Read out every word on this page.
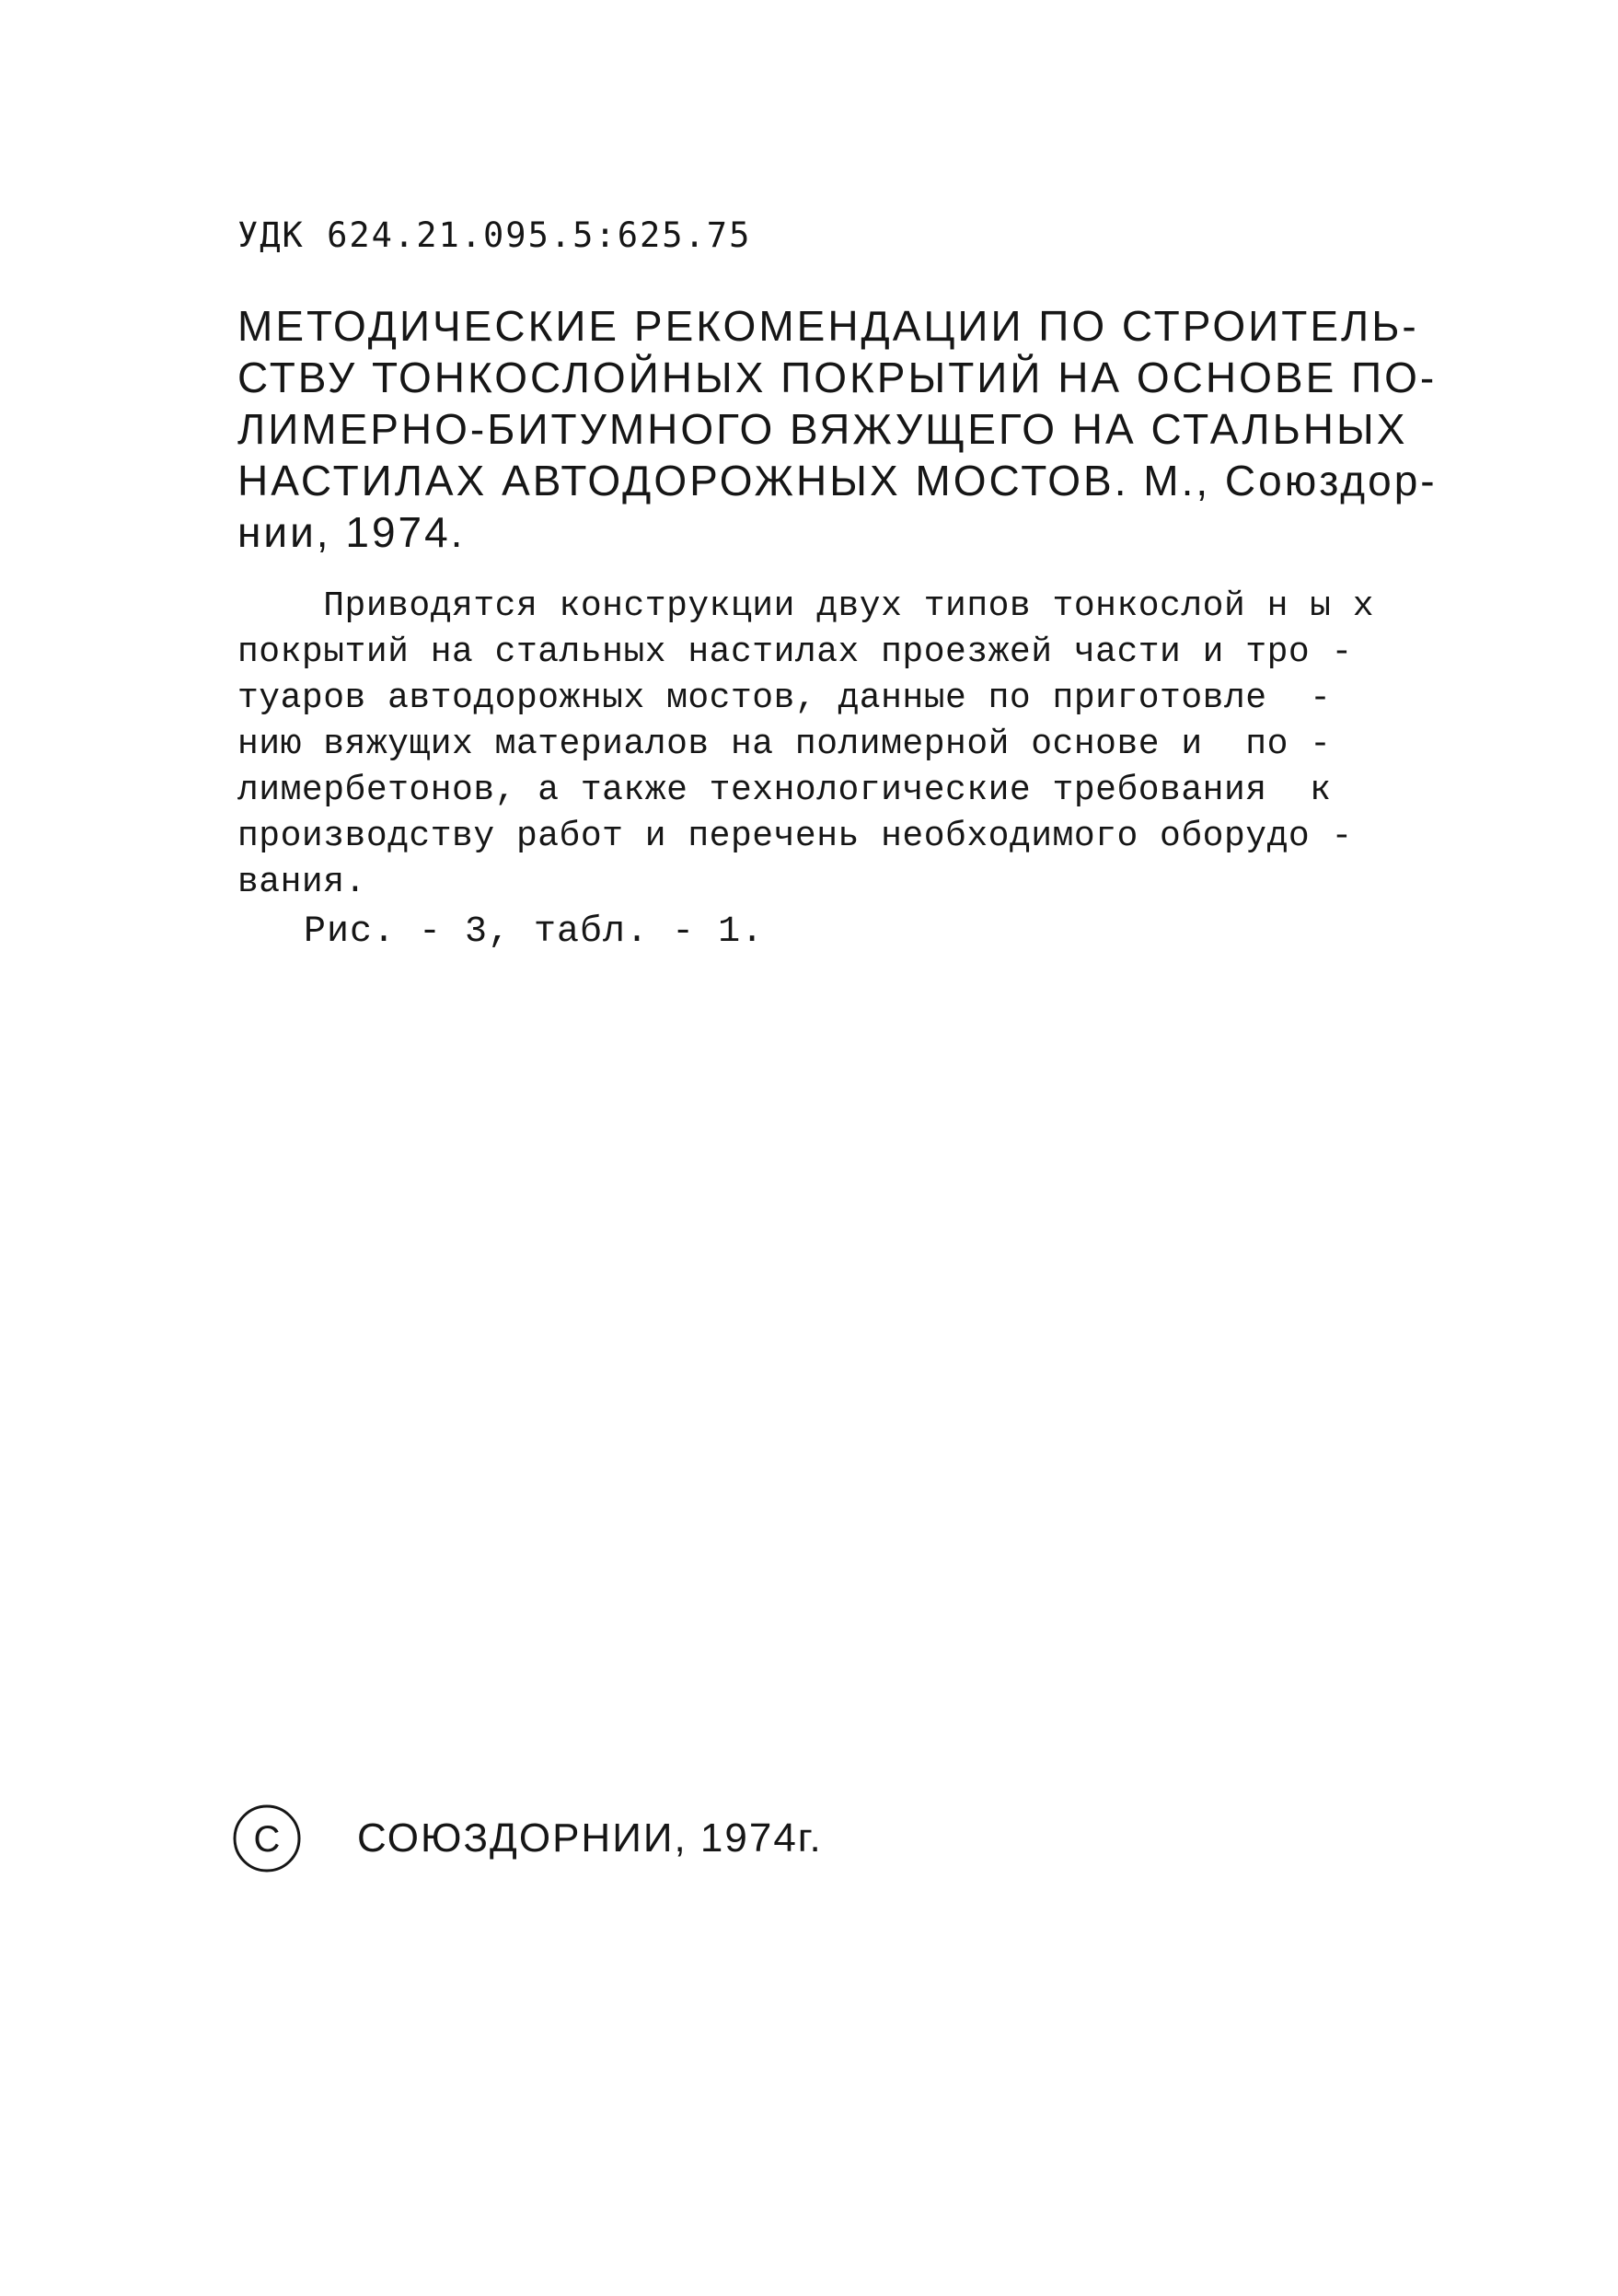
УДК 624.21.095.5:625.75
МЕТОДИЧЕСКИЕ РЕКОМЕНДАЦИИ ПО СТРОИТЕЛЬ-
СТВУ ТОНКОСЛОЙНЫХ ПОКРЫТИЙ НА ОСНОВЕ ПО-
ЛИМЕРНО-БИТУМНОГО ВЯЖУЩЕГО НА СТАЛЬНЫХ
НАСТИЛАХ АВТОДОРОЖНЫХ МОСТОВ. М., Союздор-
нии, 1974.
Приводятся конструкции двух типов тонкослой н ы х
покрытий на стальных настилах проезжей части и тро -
туаров автодорожных мостов, данные по приготовле  -
нию вяжущих материалов на полимерной основе и  по -
лимербетонов, а также технологические требования  к
производству работ и перечень необходимого оборудо -
вания.
Рис. - 3, табл. - 1.
C СОЮЗДОРНИИ, 1974г.
